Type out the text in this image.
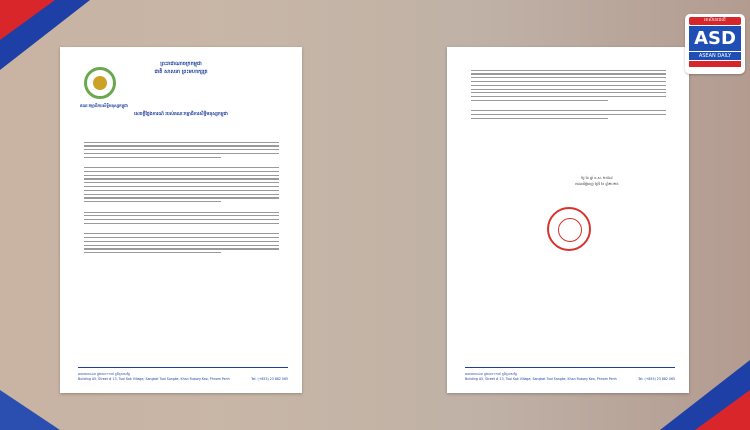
ព្រះរាជាណាចក្រកម្ពុជា
ជាតិ សាសនា ព្រះមហាក្សត្រ
គណៈកម្មាធិការសិទ្ធិមនុស្សកម្ពុជា
សេចក្តីថ្លែងការណ៍ របស់គណៈកម្មាធិការសិទ្ធិមនុស្សកម្ពុជា
អាគារលេខ៤៣ ផ្លូវលេខ១១៧ ភូមិទួលសង្កែ
Building A5, Street # 13, Tuol Kok Village, Sangkat Tuol Sangke, Khan Russey Keo, Phnom Penh	Tel: (+855) 23 882 065
ថ្ងៃ ខែ ឆ្នាំ ព.ស. ២៥៦៨
រាជធានីភ្នំពេញ ថ្ងៃទី ខែ ឆ្នាំ២០២៥
អាគារលេខ៤៣ ផ្លូវលេខ១១៧ ភូមិទួលសង្កែ
Building A5, Street # 13, Tuol Kok Village, Sangkat Tuol Sangke, Khan Russey Keo, Phnom Penh	Tel: (+855) 23 882 065
អាស៊ានដេលី
ASD
ASEAN DAILY
